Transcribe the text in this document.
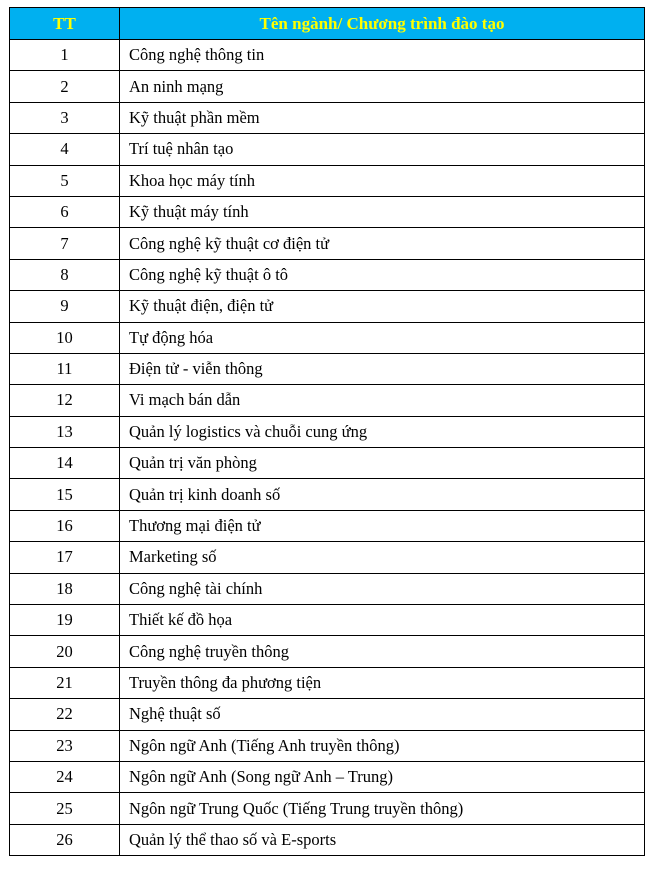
TT	Tên ngành/ Chương trình đào tạo
1	Công nghệ thông tin
2	An ninh mạng
3	Kỹ thuật phần mềm
4	Trí tuệ nhân tạo
5	Khoa học máy tính
6	Kỹ thuật máy tính
7	Công nghệ kỹ thuật cơ điện tử
8	Công nghệ kỹ thuật ô tô
9	Kỹ thuật điện, điện tử
10	Tự động hóa
11	Điện tử - viễn thông
12	Vi mạch bán dẫn
13	Quản lý logistics và chuỗi cung ứng
14	Quản trị văn phòng
15	Quản trị kinh doanh số
16	Thương mại điện tử
17	Marketing số
18	Công nghệ tài chính
19	Thiết kế đồ họa
20	Công nghệ truyền thông
21	Truyền thông đa phương tiện
22	Nghệ thuật số
23	Ngôn ngữ Anh (Tiếng Anh truyền thông)
24	Ngôn ngữ Anh (Song ngữ Anh – Trung)
25	Ngôn ngữ Trung Quốc (Tiếng Trung truyền thông)
26	Quản lý thể thao số và E-sports
